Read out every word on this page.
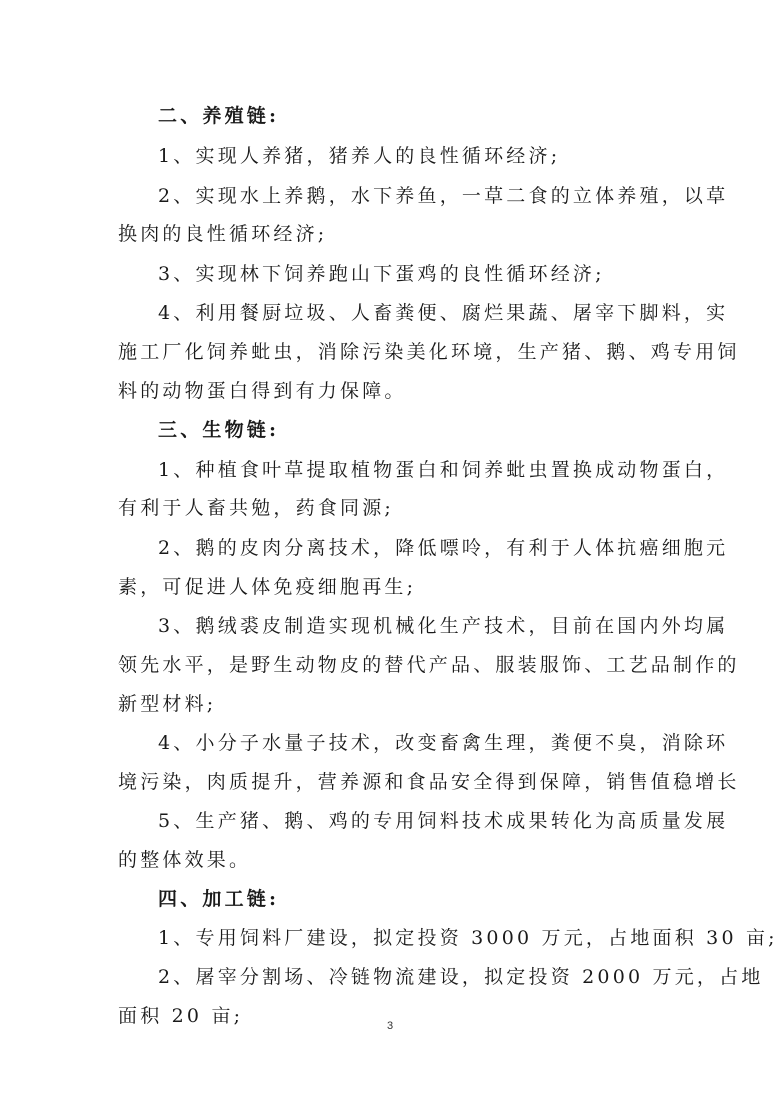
二、养殖链:
1、实现人养猪，猪养人的良性循环经济;
2、实现水上养鹅，水下养鱼，一草二食的立体养殖，以草
换肉的良性循环经济;
3、实现林下饲养跑山下蛋鸡的良性循环经济;
4、利用餐厨垃圾、人畜粪便、腐烂果蔬、屠宰下脚料，实
施工厂化饲养蚍虫，消除污染美化环境，生产猪、鹅、鸡专用饲
料的动物蛋白得到有力保障。
三、生物链:
1、种植食叶草提取植物蛋白和饲养蚍虫置换成动物蛋白，
有利于人畜共勉，药食同源;
2、鹅的皮肉分离技术，降低嘌呤，有利于人体抗癌细胞元
素，可促进人体免疫细胞再生;
3、鹅绒裘皮制造实现机械化生产技术，目前在国内外均属
领先水平，是野生动物皮的替代产品、服装服饰、工艺品制作的
新型材料;
4、小分子水量子技术，改变畜禽生理，粪便不臭，消除环
境污染，肉质提升，营养源和食品安全得到保障，销售值稳增长
5、生产猪、鹅、鸡的专用饲料技术成果转化为高质量发展
的整体效果。
四、加工链:
1、专用饲料厂建设，拟定投资 3000 万元，占地面积 30 亩;
2、屠宰分割场、冷链物流建设，拟定投资 2000 万元，占地
面积 20 亩;	3
